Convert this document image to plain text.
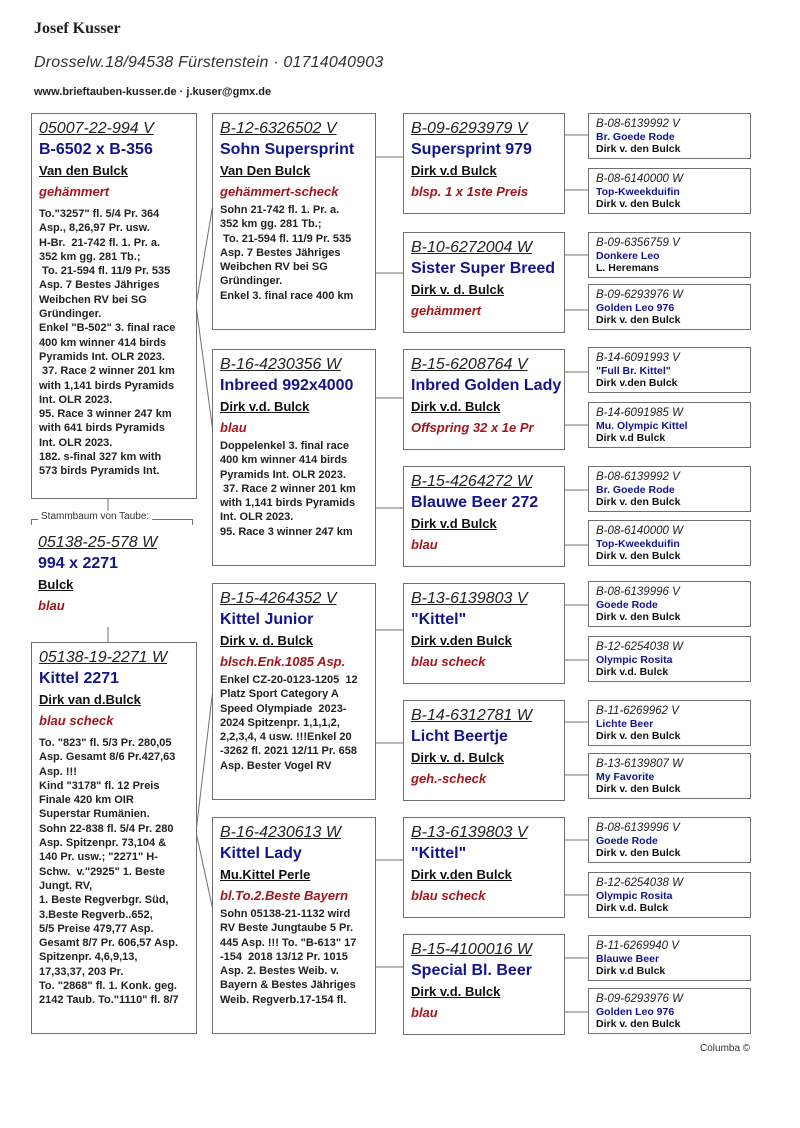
Josef Kusser
Drosselw.18/94538 Fürstenstein · 01714040903
www.brieftauben-kusser.de · j.kuser@gmx.de
05007-22-994 V
B-6502 x B-356
Van den Bulck
gehämmert
To."3257" fl. 5/4 Pr. 364
Asp., 8,26,97 Pr. usw.
H-Br.  21-742 fl. 1. Pr. a.
352 km gg. 281 Tb.;
To. 21-594 fl. 11/9 Pr. 535
Asp. 7 Bestes Jähriges
Weibchen RV bei SG
Gründinger.
Enkel "B-502" 3. final race
400 km winner 414 birds
Pyramids Int. OLR 2023.
37. Race 2 winner 201 km
with 1,141 birds Pyramids
Int. OLR 2023.
95. Race 3 winner 247 km
with 641 birds Pyramids
Int. OLR 2023.
182. s-final 327 km with
573 birds Pyramids Int.
Stammbaum von Taube:
05138-25-578 W
994 x 2271
Bulck
blau
05138-19-2271 W
Kittel 2271
Dirk van d.Bulck
blau scheck
To. "823" fl. 5/3 Pr. 280,05
Asp. Gesamt 8/6 Pr.427,63
Asp. !!!
Kind "3178" fl. 12 Preis
Finale 420 km OIR
Superstar Rumänien.
Sohn 22-838 fl. 5/4 Pr. 280
Asp. Spitzenpr. 73,104 &
140 Pr. usw.; "2271" H-
Schw.  v."2925" 1. Beste
Jungt. RV,
1. Beste Regverbgr. Süd,
3.Beste Regverb..652,
5/5 Preise 479,77 Asp.
Gesamt 8/7 Pr. 606,57 Asp.
Spitzenpr. 4,6,9,13,
17,33,37, 203 Pr.
To. "2868" fl. 1. Konk. geg.
2142 Taub. To."1110" fl. 8/7
B-12-6326502 V
Sohn Supersprint
Van Den Bulck
gehämmert-scheck
Sohn 21-742 fl. 1. Pr. a.
352 km gg. 281 Tb.;
To. 21-594 fl. 11/9 Pr. 535
Asp. 7 Bestes Jähriges
Weibchen RV bei SG
Gründinger.
Enkel 3. final race 400 km
B-16-4230356 W
Inbreed 992x4000
Dirk v.d. Bulck
blau
Doppelenkel 3. final race
400 km winner 414 birds
Pyramids Int. OLR 2023.
37. Race 2 winner 201 km
with 1,141 birds Pyramids
Int. OLR 2023.
95. Race 3 winner 247 km
B-15-4264352 V
Kittel Junior
Dirk v. d. Bulck
blsch.Enk.1085 Asp.
Enkel CZ-20-0123-1205  12
Platz Sport Category A
Speed Olympiade  2023-
2024 Spitzenpr. 1,1,1,2,
2,2,3,4, 4 usw. !!!Enkel 20
-3262 fl. 2021 12/11 Pr. 658
Asp. Bester Vogel RV
B-16-4230613 W
Kittel Lady
Mu.Kittel Perle
bl.To.2.Beste Bayern
Sohn 05138-21-1132 wird
RV Beste Jungtaube 5 Pr.
445 Asp. !!! To. "B-613" 17
-154  2018 13/12 Pr. 1015
Asp. 2. Bestes Weib. v.
Bayern & Bestes Jähriges
Weib. Regverb.17-154 fl.
B-09-6293979 V
Supersprint 979
Dirk v.d Bulck
blsp. 1 x 1ste Preis
B-10-6272004 W
Sister Super Breed
Dirk v. d. Bulck
gehämmert
B-15-6208764 V
Inbred Golden Lady
Dirk v.d. Bulck
Offspring 32 x 1e Pr
B-15-4264272 W
Blauwe Beer 272
Dirk v.d Bulck
blau
B-13-6139803 V
"Kittel"
Dirk v.den Bulck
blau scheck
B-14-6312781 W
Licht Beertje
Dirk v. d. Bulck
geh.-scheck
B-13-6139803 V
"Kittel"
Dirk v.den Bulck
blau scheck
B-15-4100016 W
Special Bl. Beer
Dirk v.d. Bulck
blau
B-08-6139992 V
Br. Goede Rode
Dirk v. den Bulck
B-08-6140000 W
Top-Kweekduifin
Dirk v. den Bulck
B-09-6356759 V
Donkere Leo
L. Heremans
B-09-6293976 W
Golden Leo 976
Dirk v. den Bulck
B-14-6091993 V
"Full Br. Kittel"
Dirk v.den Bulck
B-14-6091985 W
Mu. Olympic Kittel
Dirk v.d Bulck
B-08-6139992 V
Br. Goede Rode
Dirk v. den Bulck
B-08-6140000 W
Top-Kweekduifin
Dirk v. den Bulck
B-08-6139996 V
Goede Rode
Dirk v. den Bulck
B-12-6254038 W
Olympic Rosita
Dirk v.d. Bulck
B-11-6269962 V
Lichte Beer
Dirk v. den Bulck
B-13-6139807 W
My Favorite
Dirk v. den Bulck
B-08-6139996 V
Goede Rode
Dirk v. den Bulck
B-12-6254038 W
Olympic Rosita
Dirk v.d. Bulck
B-11-6269940 V
Blauwe Beer
Dirk v.d Bulck
B-09-6293976 W
Golden Leo 976
Dirk v. den Bulck
Columba ©
